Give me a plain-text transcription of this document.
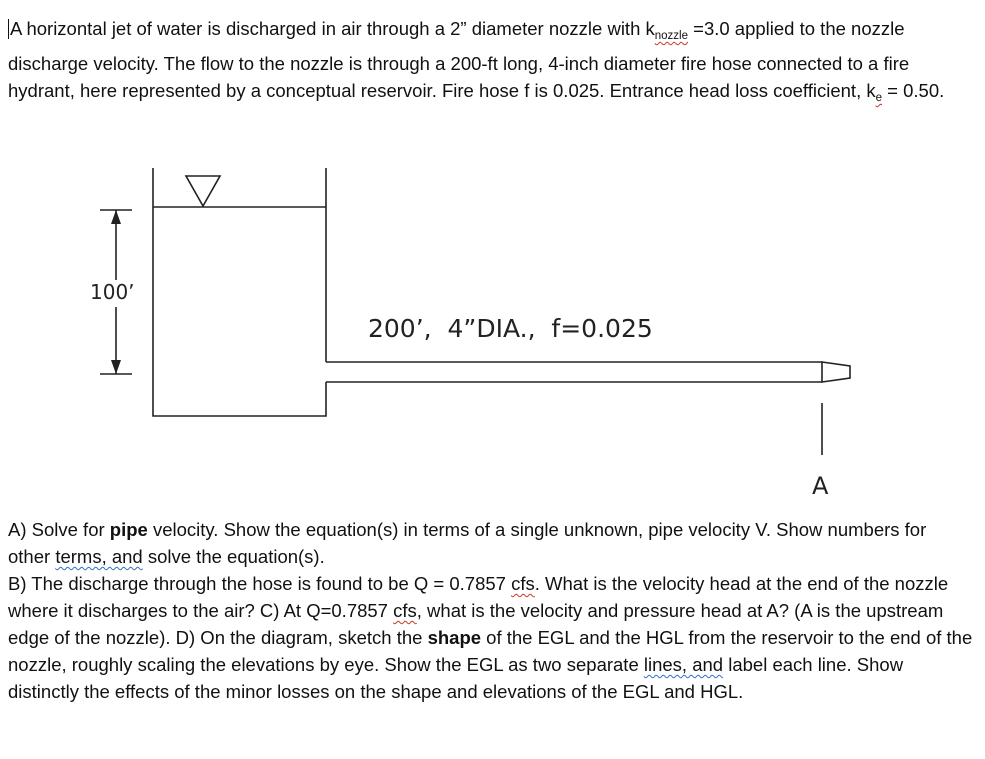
A horizontal jet of water is discharged in air through a 2” diameter nozzle with $k_{nozzle} =3.0$ applied to the nozzle discharge velocity. The flow to the nozzle is through a 200-ft long, 4-inch diameter fire hose connected to a fire hydrant, here represented by a conceptual reservoir. Fire hose f is 0.025. Entrance head loss coefficient, $k_e = 0.50$.

100’
200’,  4”DIA.,  f=0.025
A

A) Solve for pipe velocity. Show the equation(s) in terms of a single unknown, pipe velocity V. Show numbers for other terms, and solve the equation(s).
B) The discharge through the hose is found to be Q = 0.7857 cfs. What is the velocity head at the end of the nozzle where it discharges to the air? C) At Q=0.7857 cfs, what is the velocity and pressure head at A? (A is the upstream edge of the nozzle). D) On the diagram, sketch the shape of the EGL and the HGL from the reservoir to the end of the nozzle, roughly scaling the elevations by eye. Show the EGL as two separate lines, and label each line. Show distinctly the effects of the minor losses on the shape and elevations of the EGL and HGL.
